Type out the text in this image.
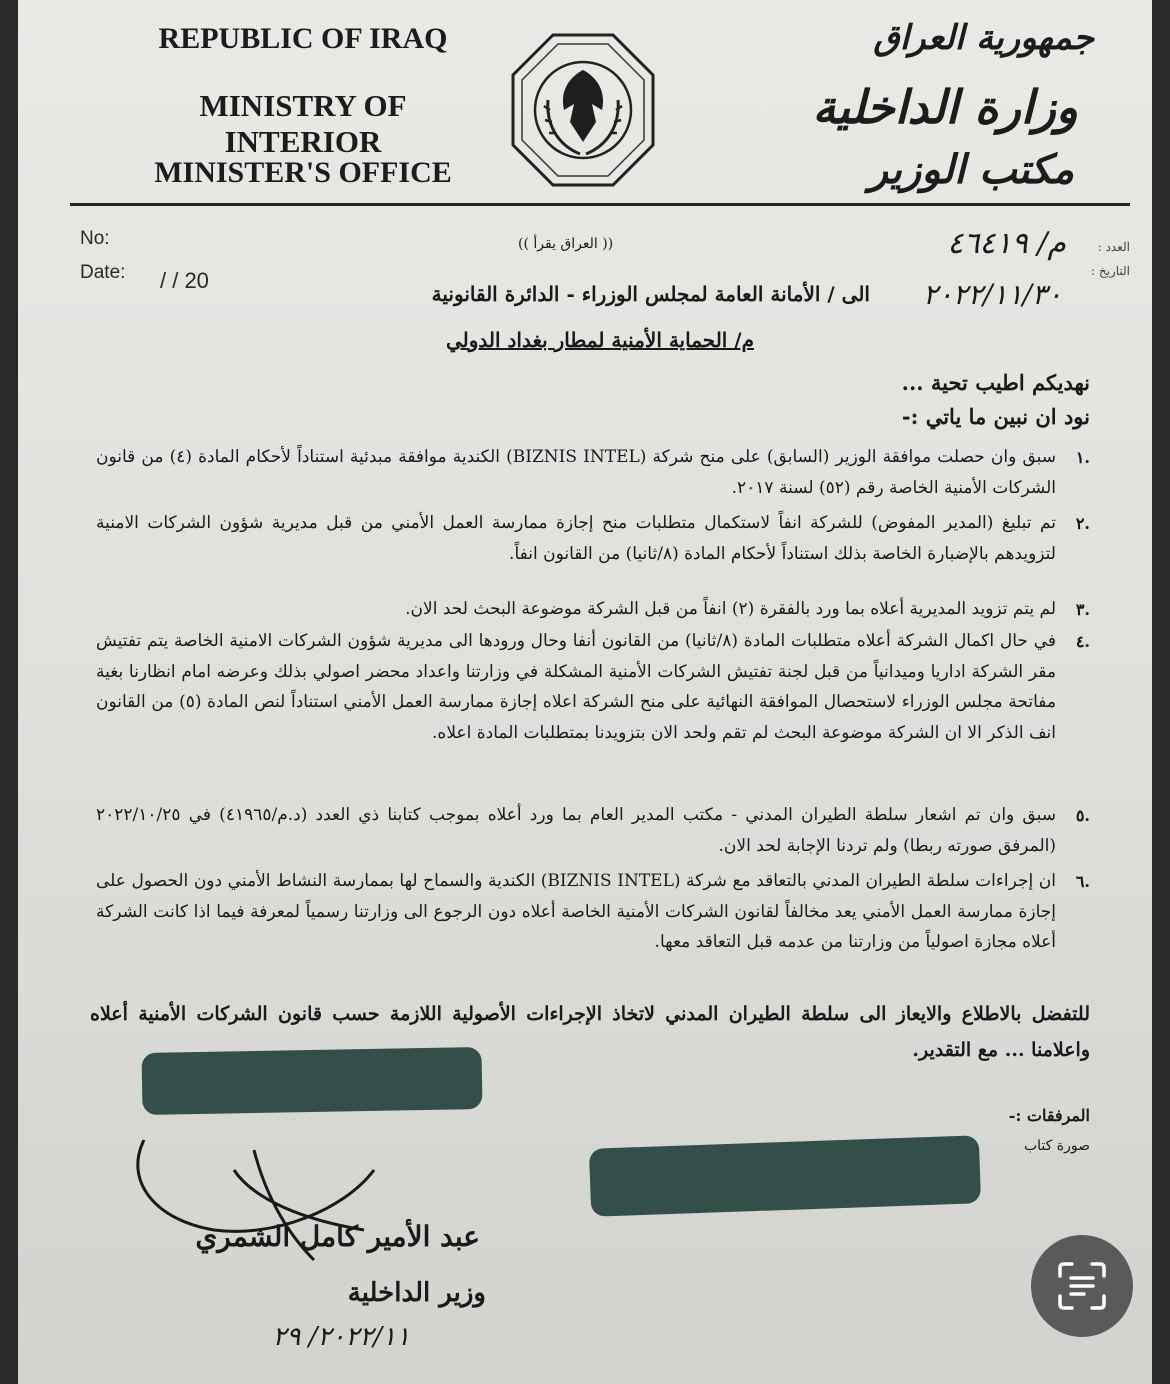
REPUBLIC OF IRAQ
MINISTRY OF INTERIOR
MINISTER'S OFFICE
جمهورية العراق
وزارة الداخلية
مكتب الوزير
No:
Date: / / 20
(( العراق يقرأ ))	العدد :
م/ ٤٦٤١٩
التاريخ :
٢٠٢٢/١١/٣٠
الى / الأمانة العامة لمجلس الوزراء - الدائرة القانونية
م/ الحماية الأمنية لمطار بغداد الدولي
نهديكم اطيب تحية ...
نود ان نبين ما ياتي :-
١.
سبق وان حصلت موافقة الوزير (السابق) على منح شركة (BIZNIS INTEL) الكندية موافقة مبدئية استناداً لأحكام المادة (٤) من قانون الشركات الأمنية الخاصة رقم (٥٢) لسنة ٢٠١٧.
٢.
تم تبليغ (المدير المفوض) للشركة انفاً لاستكمال متطلبات منح إجازة ممارسة العمل الأمني من قبل مديرية شؤون الشركات الامنية لتزويدهم بالإضبارة الخاصة بذلك استناداً لأحكام المادة (٨/ثانيا) من القانون انفاً.
٣.
لم يتم تزويد المديرية أعلاه بما ورد بالفقرة (٢) انفاً من قبل الشركة موضوعة البحث لحد الان.
٤.
في حال اكمال الشركة أعلاه متطلبات المادة (٨/ثانيا) من القانون أنفا وحال ورودها الى مديرية شؤون الشركات الامنية الخاصة يتم تفتيش مقر الشركة اداريا وميدانياً من قبل لجنة تفتيش الشركات الأمنية المشكلة في وزارتنا واعداد محضر اصولي بذلك وعرضه امام انظارنا بغية مفاتحة مجلس الوزراء لاستحصال الموافقة النهائية على منح الشركة اعلاه إجازة ممارسة العمل الأمني استناداً لنص المادة (٥) من القانون انف الذكر الا ان الشركة موضوعة البحث لم تقم ولحد الان بتزويدنا بمتطلبات المادة اعلاه.
٥.
سبق وان تم اشعار سلطة الطيران المدني - مكتب المدير العام بما ورد أعلاه بموجب كتابنا ذي العدد (د.م/٤١٩٦٥) في ٢٠٢٢/١٠/٢٥ (المرفق صورته ربطا) ولم تردنا الإجابة لحد الان.
٦.
ان إجراءات سلطة الطيران المدني بالتعاقد مع شركة (BIZNIS INTEL) الكندية والسماح لها بممارسة النشاط الأمني دون الحصول على إجازة ممارسة العمل الأمني يعد مخالفاً لقانون الشركات الأمنية الخاصة أعلاه دون الرجوع الى وزارتنا رسمياً لمعرفة فيما اذا كانت الشركة أعلاه مجازة اصولياً من وزارتنا من عدمه قبل التعاقد معها.
للتفضل بالاطلاع والايعاز الى سلطة الطيران المدني لاتخاذ الإجراءات الأصولية اللازمة حسب قانون الشركات الأمنية أعلاه واعلامنا ... مع التقدير.
المرفقات :-
صورة كتاب
عبد الأمير كامل الشمري
وزير الداخلية
٢٠٢٢/١١/ ٢٩
